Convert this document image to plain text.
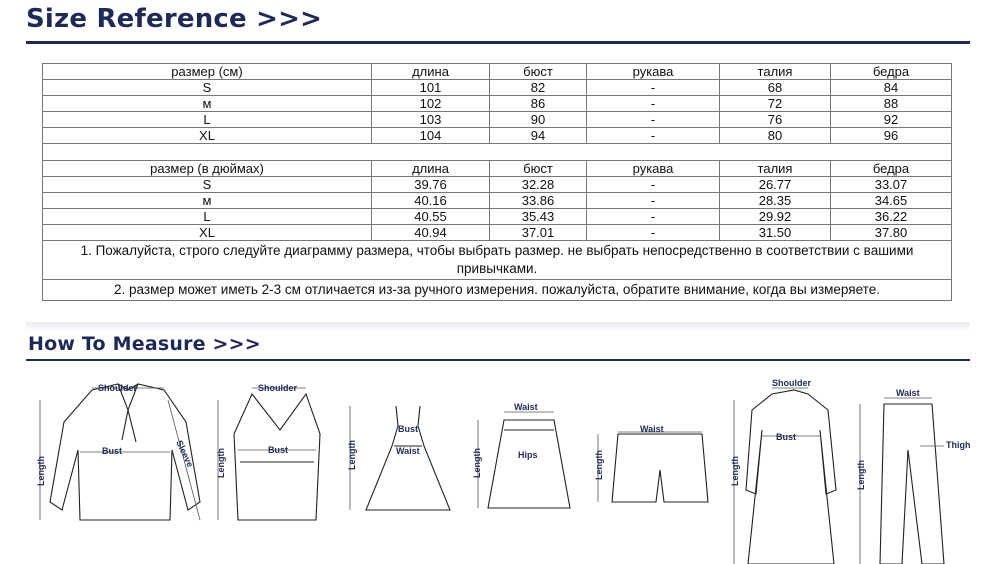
Size Reference >>>
размер (см)	длина	бюст	рукава	талия	бедра
S	101	82	-	68	84
м	102	86	-	72	88
L	103	90	-	76	92
XL	104	94	-	80	96

размер (в дюймах)	длина	бюст	рукава	талия	бедра
S	39.76	32.28	-	26.77	33.07
м	40.16	33.86	-	28.35	34.65
L	40.55	35.43	-	29.92	36.22
XL	40.94	37.01	-	31.50	37.80
1. Пожалуйста, строго следуйте диаграмму размера, чтобы выбрать размер. не выбрать непосредственно в соответствии с вашими привычками.					
2. размер может иметь 2-3 см отличается из-за ручного измерения. пожалуйста, обратите внимание, когда вы измеряете.					
How To Measure >>>
Shoulder
Bust	Sleeve
Length
Shoulder
Bust
Length
Bust
Waist
Length
Waist
Hips
Length
Waist
Length
Shoulder
Bust
Length
Waist
Thigh
Length
